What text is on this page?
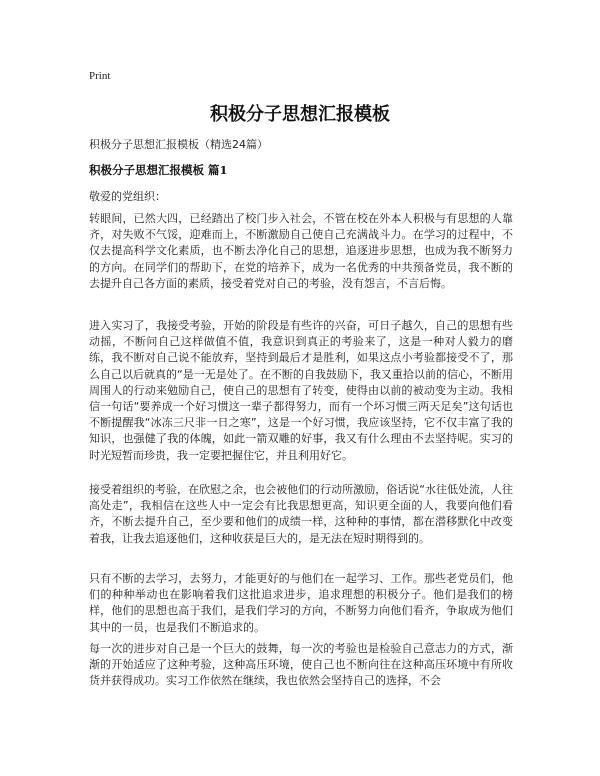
Print
积极分子思想汇报模板

积极分子思想汇报模板（精选24篇）

积极分子思想汇报模板 篇1

敬爱的党组织：

转眼间，已然大四，已经踏出了校门步入社会，不管在校在外本人积极与有思想的人靠齐，对失败不气馁，迎难而上，不断激励自己使自己充满战斗力。在学习的过程中，不仅去提高科学文化素质，也不断去净化自己的思想，追逐进步思想，也成为我不断努力的方向。在同学们的帮助下，在党的培养下，成为一名优秀的中共预备党员，我不断的去提升自己各方面的素质，接受着党对自己的考验，没有怨言，不言后悔。

进入实习了，我接受考验，开始的阶段是有些许的兴奋，可日子越久，自己的思想有些动摇，不断问自己这样做值不值，我意识到真正的考验来了，这是一种对人毅力的磨练，我不断对自己说不能放弃，坚持到最后才是胜利，如果这点小考验都接受不了，那么自己以后就真的“是一无是处了。在不断的自我鼓励下，我又重拾以前的信心，不断用周围人的行动来勉励自己，使自己的思想有了转变，使得由以前的被动变为主动。我相信一句话“要养成一个好习惯这一辈子都得努力，而有一个坏习惯三两天足矣”这句话也不断提醒我“冰冻三尺非一日之寒”，这是一个好习惯，我应该坚持，它不仅丰富了我的知识，也强健了我的体魄，如此一箭双雕的好事，我又有什么理由不去坚持呢。实习的时光短暂而珍贵，我一定要把握住它，并且利用好它。

接受着组织的考验，在欣慰之余，也会被他们的行动所激励，俗话说“水往低处流，人往高处走”，我相信在这些人中一定会有比我思想更高，知识更全面的人，我要向他们看齐，不断去提升自己，至少要和他们的成绩一样，这种种的事情，都在潜移默化中改变着我，让我去追逐他们，这种收获是巨大的，是无法在短时期得到的。

只有不断的去学习，去努力，才能更好的与他们在一起学习、工作。那些老党员们，他们的种种举动也在影响着我们这批追求进步，追求理想的积极分子。他们是我们的榜样，他们的思想也高于我们，是我们学习的方向，不断努力向他们看齐，争取成为他们其中的一员，也是我们不断追求的。

每一次的进步对自己是一个巨大的鼓舞，每一次的考验也是检验自己意志力的方式，渐渐的开始适应了这种考验，这种高压环境，使自己也不断向往在这种高压环境中有所收货并获得成功。实习工作依然在继续，我也依然会坚持自己的选择，不会
